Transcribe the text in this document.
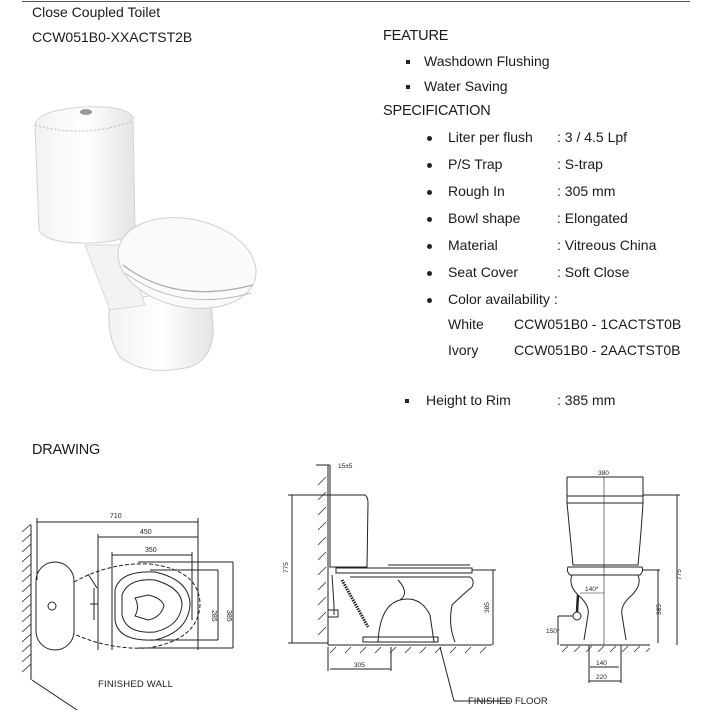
Close Coupled Toilet
CCW051B0-XXACTST2B	FEATURE
Washdown Flushing
Water Saving
SPECIFICATION
Liter per flush : 3 / 4.5 Lpf
P/S Trap	: S-trap
Rough In	: 305 mm
Bowl shape	: Elongated
Material	: Vitreous China
Seat Cover	: Soft Close
Color availability :
White CCW051B0 - 1CACTST0B
Ivory	CCW051B0 - 2AACTST0B
Height to Rim	: 385 mm
DRAWING
710
450
350
285 385
FINISHED WALL
15±5
775
385
305
FINISHED FLOOR
380
775
385
140*
150*
140
220
